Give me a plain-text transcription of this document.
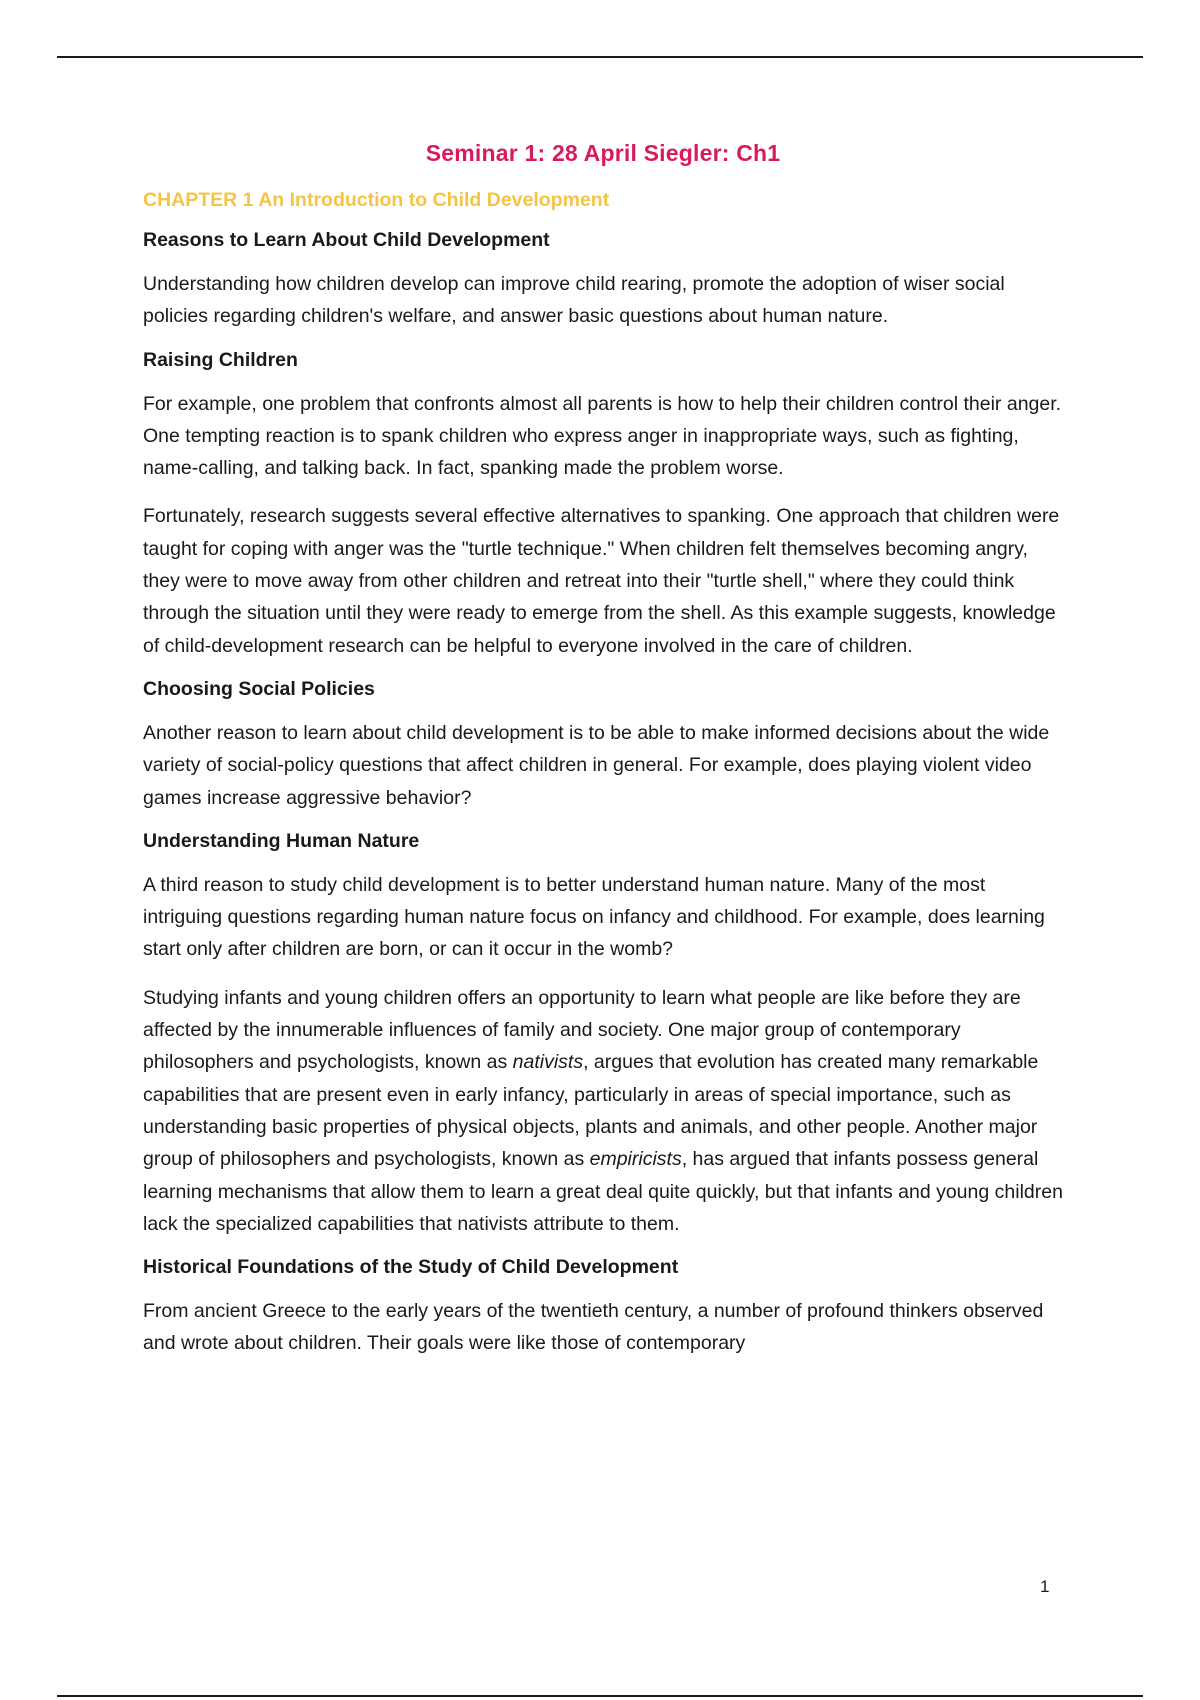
Seminar 1: 28 April Siegler: Ch1
CHAPTER 1 An Introduction to Child Development
Reasons to Learn About Child Development

Understanding how children develop can improve child rearing, promote the adoption of wiser social policies regarding children's welfare, and answer basic questions about human nature.

Raising Children

For example, one problem that confronts almost all parents is how to help their children control their anger. One tempting reaction is to spank children who express anger in inappropriate ways, such as fighting, name-calling, and talking back. In fact, spanking made the problem worse.

Fortunately, research suggests several effective alternatives to spanking. One approach that children were taught for coping with anger was the "turtle technique." When children felt themselves becoming angry, they were to move away from other children and retreat into their "turtle shell," where they could think through the situation until they were ready to emerge from the shell. As this example suggests, knowledge of child-development research can be helpful to everyone involved in the care of children.

Choosing Social Policies

Another reason to learn about child development is to be able to make informed decisions about the wide variety of social-policy questions that affect children in general. For example, does playing violent video games increase aggressive behavior?

Understanding Human Nature

A third reason to study child development is to better understand human nature. Many of the most intriguing questions regarding human nature focus on infancy and childhood. For example, does learning start only after children are born, or can it occur in the womb?

Studying infants and young children offers an opportunity to learn what people are like before they are affected by the innumerable influences of family and society. One major group of contemporary philosophers and psychologists, known as nativists, argues that evolution has created many remarkable capabilities that are present even in early infancy, particularly in areas of special importance, such as understanding basic properties of physical objects, plants and animals, and other people. Another major group of philosophers and psychologists, known as empiricists, has argued that infants possess general learning mechanisms that allow them to learn a great deal quite quickly, but that infants and young children lack the specialized capabilities that nativists attribute to them.

Historical Foundations of the Study of Child Development

From ancient Greece to the early years of the twentieth century, a number of profound thinkers observed and wrote about children. Their goals were like those of contemporary

1
